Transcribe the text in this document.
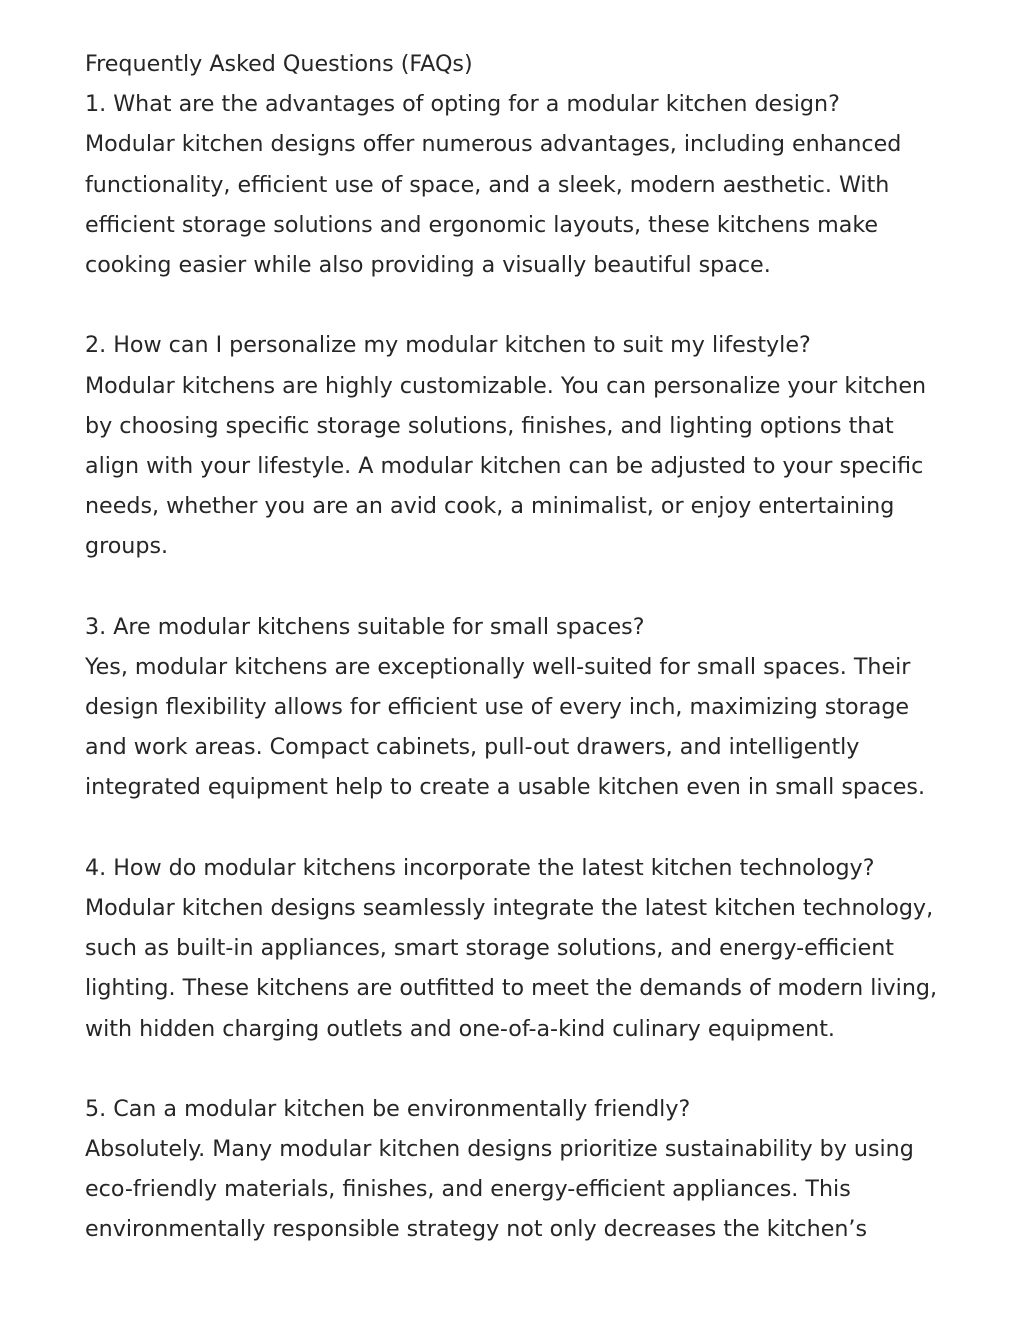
Frequently Asked Questions (FAQs)
1. What are the advantages of opting for a modular kitchen design?
Modular kitchen designs offer numerous advantages, including enhanced
functionality, efficient use of space, and a sleek, modern aesthetic. With
efficient storage solutions and ergonomic layouts, these kitchens make
cooking easier while also providing a visually beautiful space.
2. How can I personalize my modular kitchen to suit my lifestyle?
Modular kitchens are highly customizable. You can personalize your kitchen
by choosing specific storage solutions, finishes, and lighting options that
align with your lifestyle. A modular kitchen can be adjusted to your specific
needs, whether you are an avid cook, a minimalist, or enjoy entertaining
groups.
3. Are modular kitchens suitable for small spaces?
Yes, modular kitchens are exceptionally well-suited for small spaces. Their
design flexibility allows for efficient use of every inch, maximizing storage
and work areas. Compact cabinets, pull-out drawers, and intelligently
integrated equipment help to create a usable kitchen even in small spaces.
4. How do modular kitchens incorporate the latest kitchen technology?
Modular kitchen designs seamlessly integrate the latest kitchen technology,
such as built-in appliances, smart storage solutions, and energy-efficient
lighting. These kitchens are outfitted to meet the demands of modern living,
with hidden charging outlets and one-of-a-kind culinary equipment.
5. Can a modular kitchen be environmentally friendly?
Absolutely. Many modular kitchen designs prioritize sustainability by using
eco-friendly materials, finishes, and energy-efficient appliances. This
environmentally responsible strategy not only decreases the kitchen’s
